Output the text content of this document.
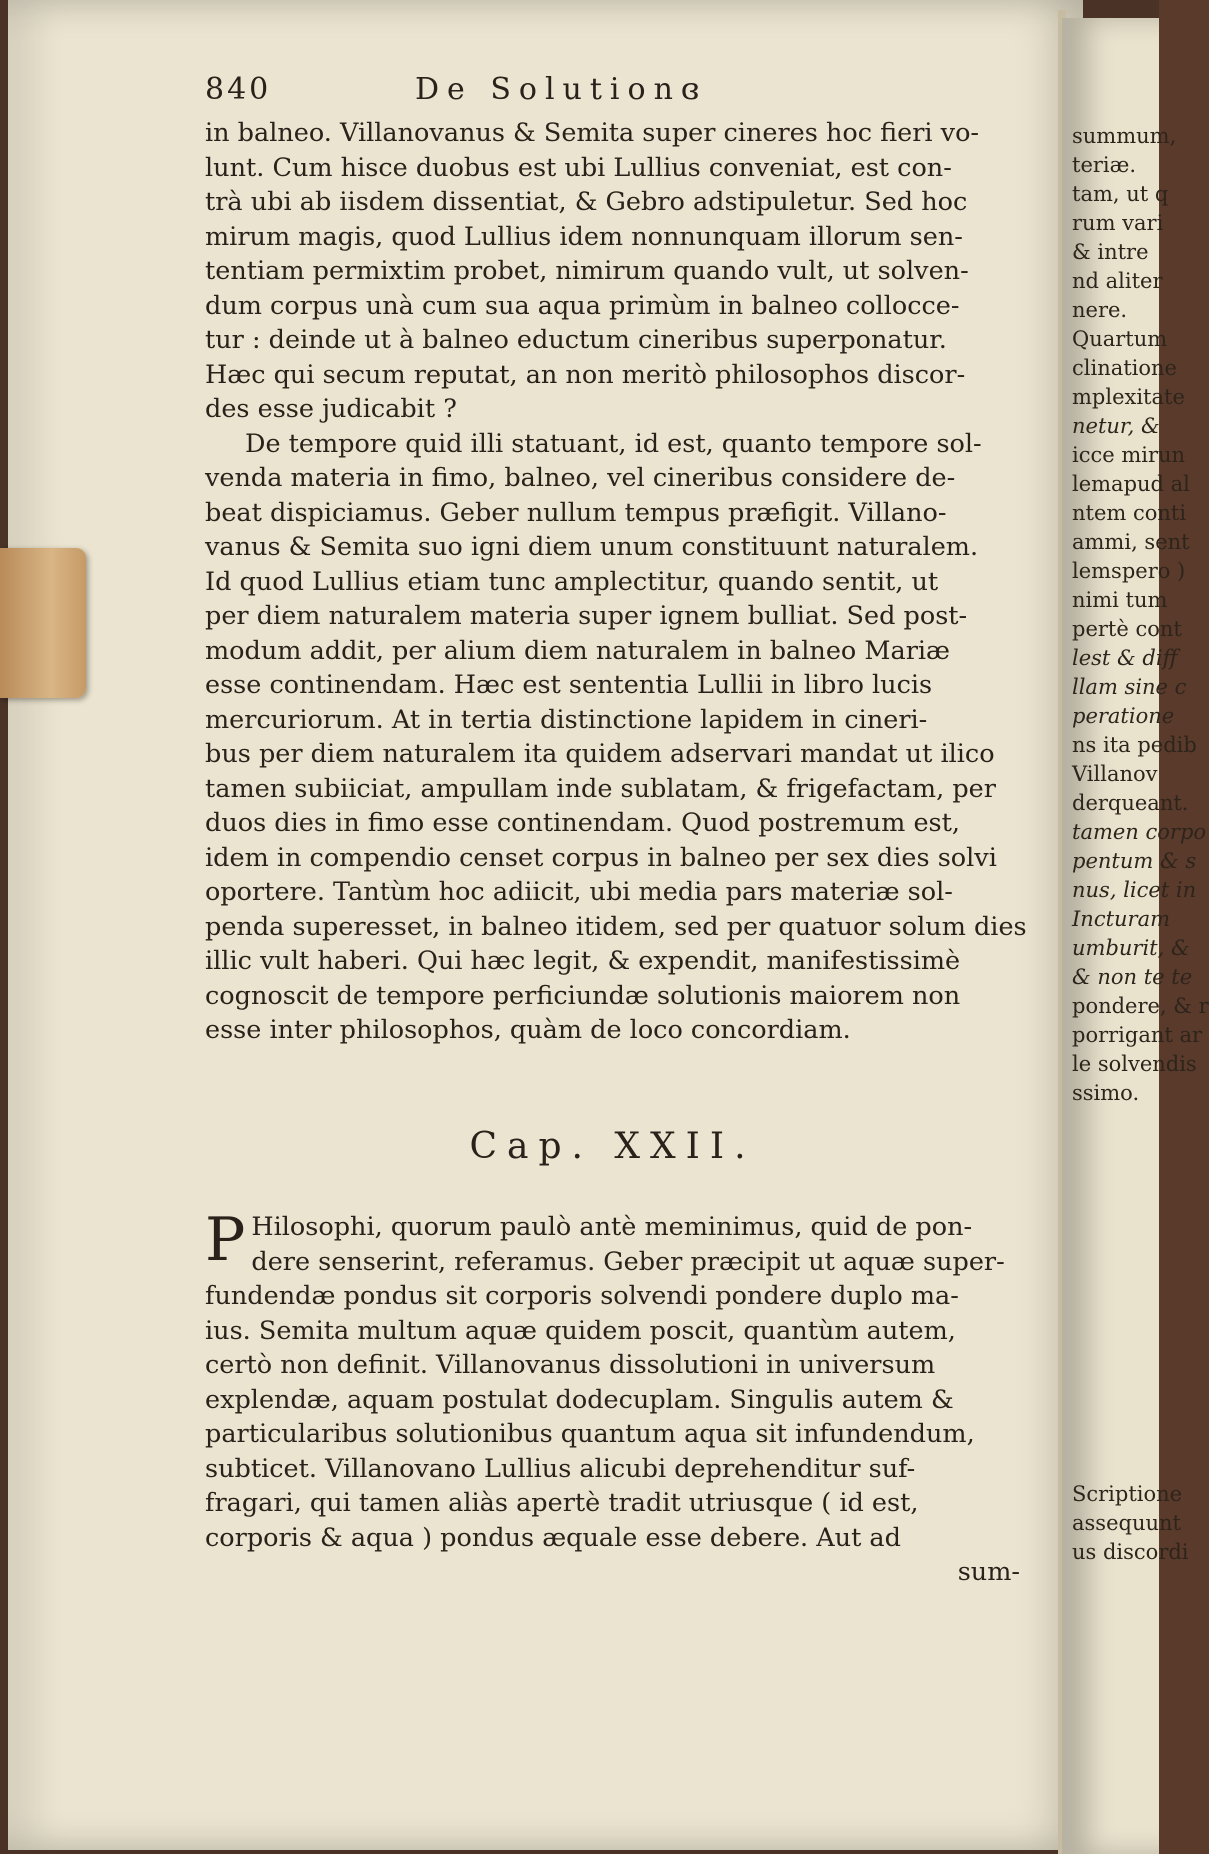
840	De Solutionɞ
in balneo. Villanovanus & Semita super cineres hoc fieri vo-
lunt. Cum hisce duobus est ubi Lullius conveniat, est con-
trà ubi ab iisdem dissentiat, & Gebro adstipuletur. Sed hoc
mirum magis, quod Lullius idem nonnunquam illorum sen-
tentiam permixtim probet, nimirum quando vult, ut solven-
dum corpus unà cum sua aqua primùm in balneo collocce-
tur : deinde ut à balneo eductum cineribus superponatur.
Hæc qui secum reputat, an non meritò philosophos discor-
des esse judicabit ?
De tempore quid illi statuant, id est, quanto tempore sol-
venda materia in fimo, balneo, vel cineribus considere de-
beat dispiciamus. Geber nullum tempus præfigit. Villano-
vanus & Semita suo igni diem unum constituunt naturalem.
Id quod Lullius etiam tunc amplectitur, quando sentit, ut
per diem naturalem materia super ignem bulliat. Sed post-
modum addit, per alium diem naturalem in balneo Mariæ
esse continendam. Hæc est sententia Lullii in libro lucis
mercuriorum. At in tertia distinctione lapidem in cineri-
bus per diem naturalem ita quidem adservari mandat ut ilico
tamen subiiciat, ampullam inde sublatam, & frigefactam, per
duos dies in fimo esse continendam. Quod postremum est,
idem in compendio censet corpus in balneo per sex dies solvi
oportere. Tantùm hoc adiicit, ubi media pars materiæ sol-
penda superesset, in balneo itidem, sed per quatuor solum dies
illic vult haberi. Qui hæc legit, & expendit, manifestissimè
cognoscit de tempore perficiundæ solutionis maiorem non
esse inter philosophos, quàm de loco concordiam.
Cap. XXII.
P Hilosophi, quorum paulò antè meminimus, quid de pon-
dere senserint, referamus. Geber præcipit ut aquæ super-
fundendæ pondus sit corporis solvendi pondere duplo ma-
ius. Semita multum aquæ quidem poscit, quantùm autem,
certò non definit. Villanovanus dissolutioni in universum
explendæ, aquam postulat dodecuplam. Singulis autem &
particularibus solutionibus quantum aqua sit infundendum,
subticet. Villanovano Lullius alicubi deprehenditur suf-
fragari, qui tamen aliàs apertè tradit utriusque ( id est,
corporis & aqua ) pondus æquale esse debere. Aut ad
sum-
summum,
teriæ.
tam, ut q
rum vari
& intre
nd aliter
nere.
Quartum
clinatione
mplexitate
netur, &
icce mirun
lemapud al
ntem conti
ammi, sent
lemspero )
nimi tum
pertè cont
lest & diff
llam sine c
peratione
ns ita pedib
Villanov
derqueant.
tamen corpo
pentum & s
nus, licet in
Incturam
umburit, &
& non te te
pondere, & r
porrigant ar
le solvendis
ssimo.
Scriptione
assequunt
us discordi
